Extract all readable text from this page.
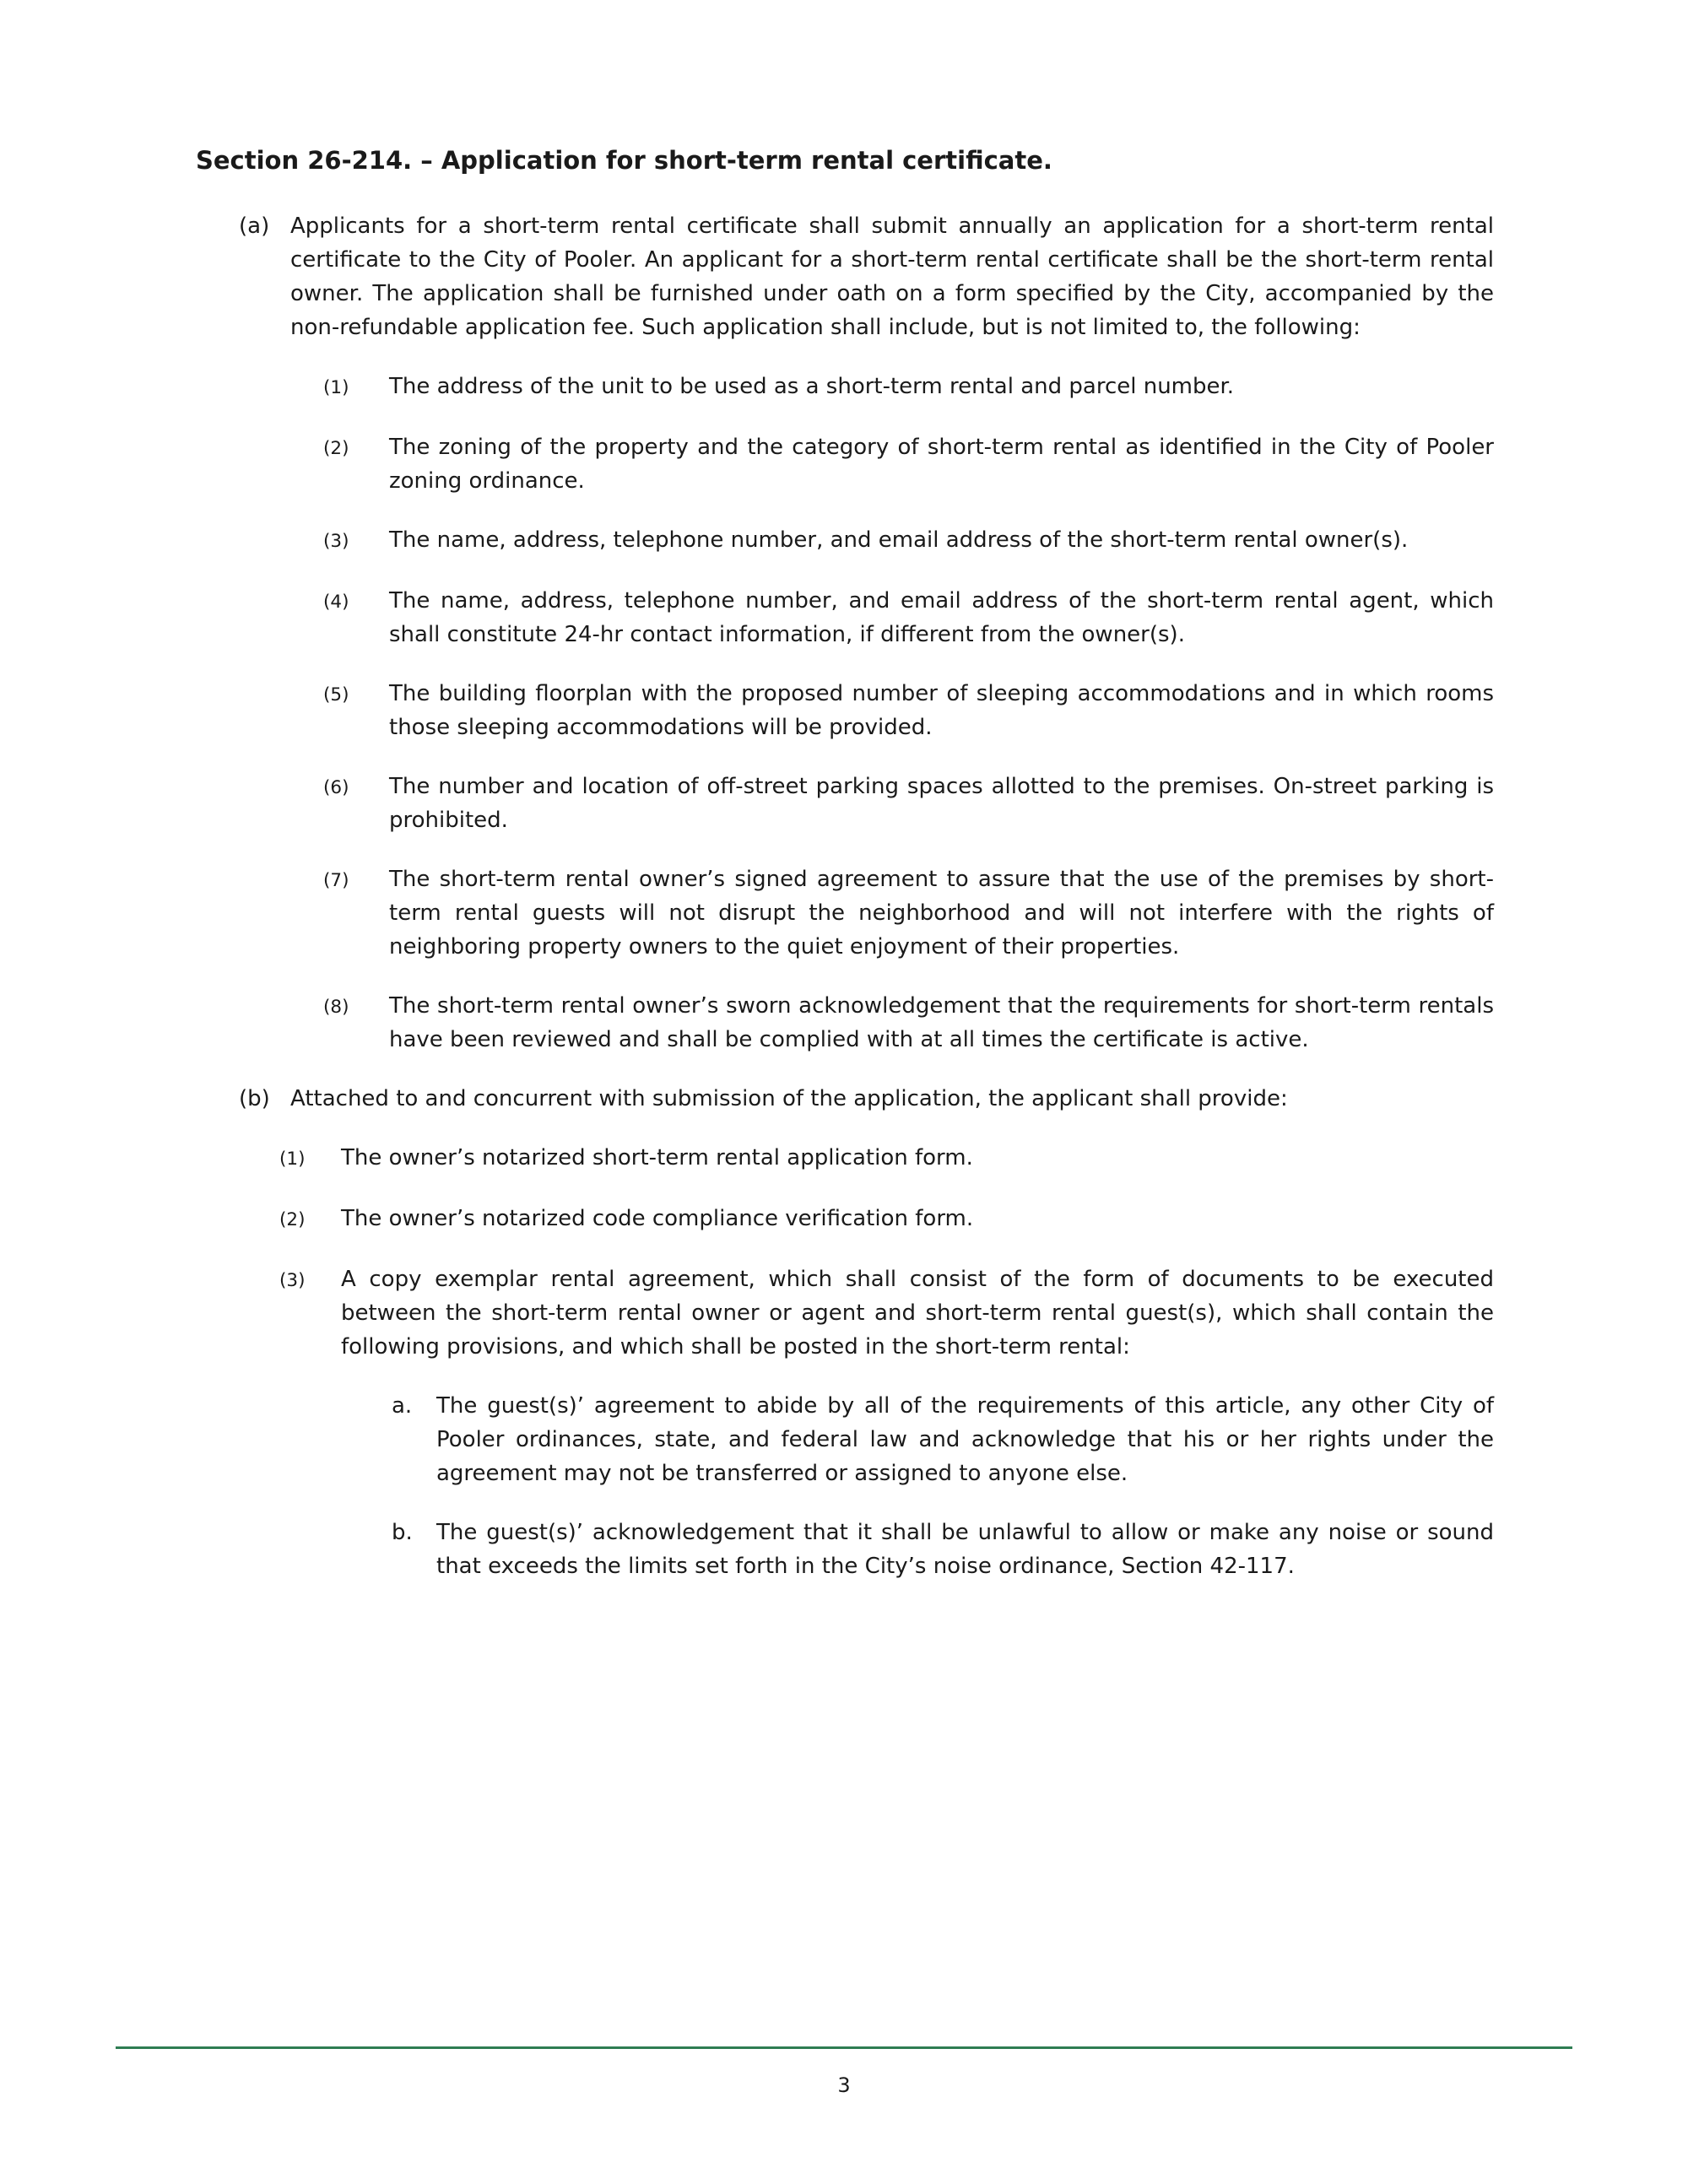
Section 26-214. – Application for short-term rental certificate.
(a) Applicants for a short-term rental certificate shall submit annually an application for a short-term rental certificate to the City of Pooler. An applicant for a short-term rental certificate shall be the short-term rental owner. The application shall be furnished under oath on a form specified by the City, accompanied by the non-refundable application fee. Such application shall include, but is not limited to, the following:
(1)	The address of the unit to be used as a short-term rental and parcel number.
(2)	The zoning of the property and the category of short-term rental as identified in the City of Pooler zoning ordinance.
(3)	The name, address, telephone number, and email address of the short-term rental owner(s).
(4)	The name, address, telephone number, and email address of the short-term rental agent, which shall constitute 24-hr contact information, if different from the owner(s).
(5)	The building floorplan with the proposed number of sleeping accommodations and in which rooms those sleeping accommodations will be provided.
(6)	The number and location of off-street parking spaces allotted to the premises. On-street parking is prohibited.
(7)	The short-term rental owner’s signed agreement to assure that the use of the premises by short-term rental guests will not disrupt the neighborhood and will not interfere with the rights of neighboring property owners to the quiet enjoyment of their properties.
(8)	The short-term rental owner’s sworn acknowledgement that the requirements for short-term rentals have been reviewed and shall be complied with at all times the certificate is active.
(b) Attached to and concurrent with submission of the application, the applicant shall provide:
(1)	The owner’s notarized short-term rental application form.
(2)	The owner’s notarized code compliance verification form.
(3)	A copy exemplar rental agreement, which shall consist of the form of documents to be executed between the short-term rental owner or agent and short-term rental guest(s), which shall contain the following provisions, and which shall be posted in the short-term rental:
a.	The guest(s)’ agreement to abide by all of the requirements of this article, any other City of Pooler ordinances, state, and federal law and acknowledge that his or her rights under the agreement may not be transferred or assigned to anyone else.
b.	The guest(s)’ acknowledgement that it shall be unlawful to allow or make any noise or sound that exceeds the limits set forth in the City’s noise ordinance, Section 42-117.
3
